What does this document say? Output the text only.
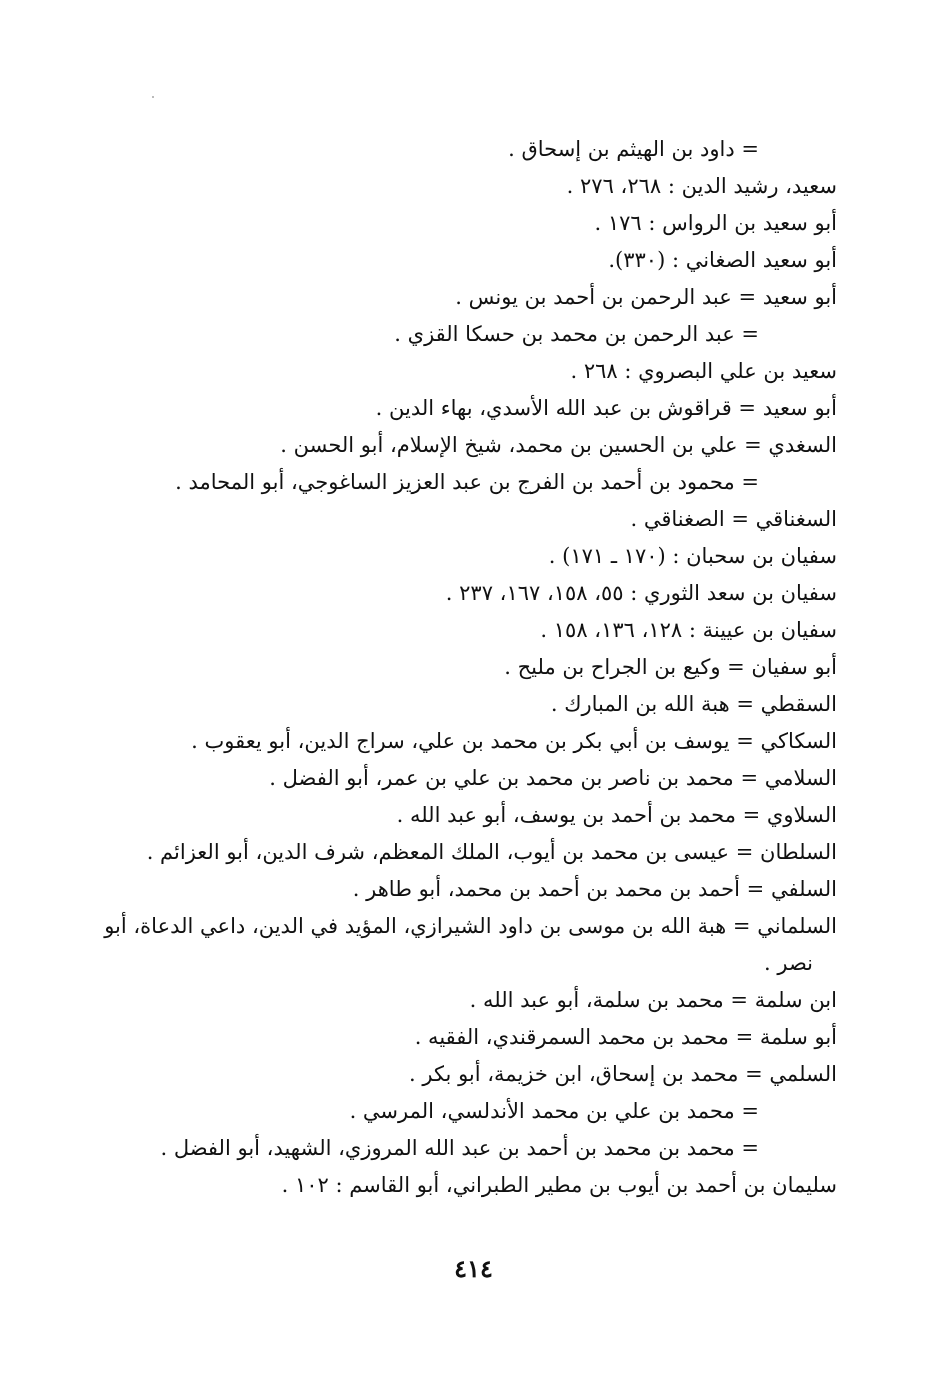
= داود بن الهيثم بن إسحاق .
سعيد، رشيد الدين : ٢٦٨، ٢٧٦ .
أبو سعيد بن الرواس : ١٧٦ .
أبو سعيد الصغاني : (٣٣٠).
أبو سعيد = عبد الرحمن بن أحمد بن يونس .
= عبد الرحمن بن محمد بن حسكا القزي .
سعيد بن علي البصروي : ٢٦٨ .
أبو سعيد = قراقوش بن عبد الله الأسدي، بهاء الدين .
السغدي = علي بن الحسين بن محمد، شيخ الإسلام، أبو الحسن .
= محمود بن أحمد بن الفرج بن عبد العزيز الساغوجي، أبو المحامد .
السغناقي = الصغناقي .
سفيان بن سحبان : (١٧٠ ـ ١٧١) .
سفيان بن سعد الثوري : ٥٥، ١٥٨، ١٦٧، ٢٣٧ .
سفيان بن عيينة : ١٢٨، ١٣٦، ١٥٨ .
أبو سفيان = وكيع بن الجراح بن مليح .
السقطي = هبة الله بن المبارك .
السكاكي = يوسف بن أبي بكر بن محمد بن علي، سراج الدين، أبو يعقوب .
السلامي = محمد بن ناصر بن محمد بن علي بن عمر، أبو الفضل .
السلاوي = محمد بن أحمد بن يوسف، أبو عبد الله .
السلطان = عيسى بن محمد بن أيوب، الملك المعظم، شرف الدين، أبو العزائم .
السلفي = أحمد بن محمد بن أحمد بن محمد، أبو طاهر .
السلماني = هبة الله بن موسى بن داود الشيرازي، المؤيد في الدين، داعي الدعاة، أبو
نصر .
ابن سلمة = محمد بن سلمة، أبو عبد الله .
أبو سلمة = محمد بن محمد السمرقندي، الفقيه .
السلمي = محمد بن إسحاق، ابن خزيمة، أبو بكر .
= محمد بن علي بن محمد الأندلسي، المرسي .
= محمد بن محمد بن أحمد بن عبد الله المروزي، الشهيد، أبو الفضل .
سليمان بن أحمد بن أيوب بن مطير الطبراني، أبو القاسم : ١٠٢ .
٤١٤
